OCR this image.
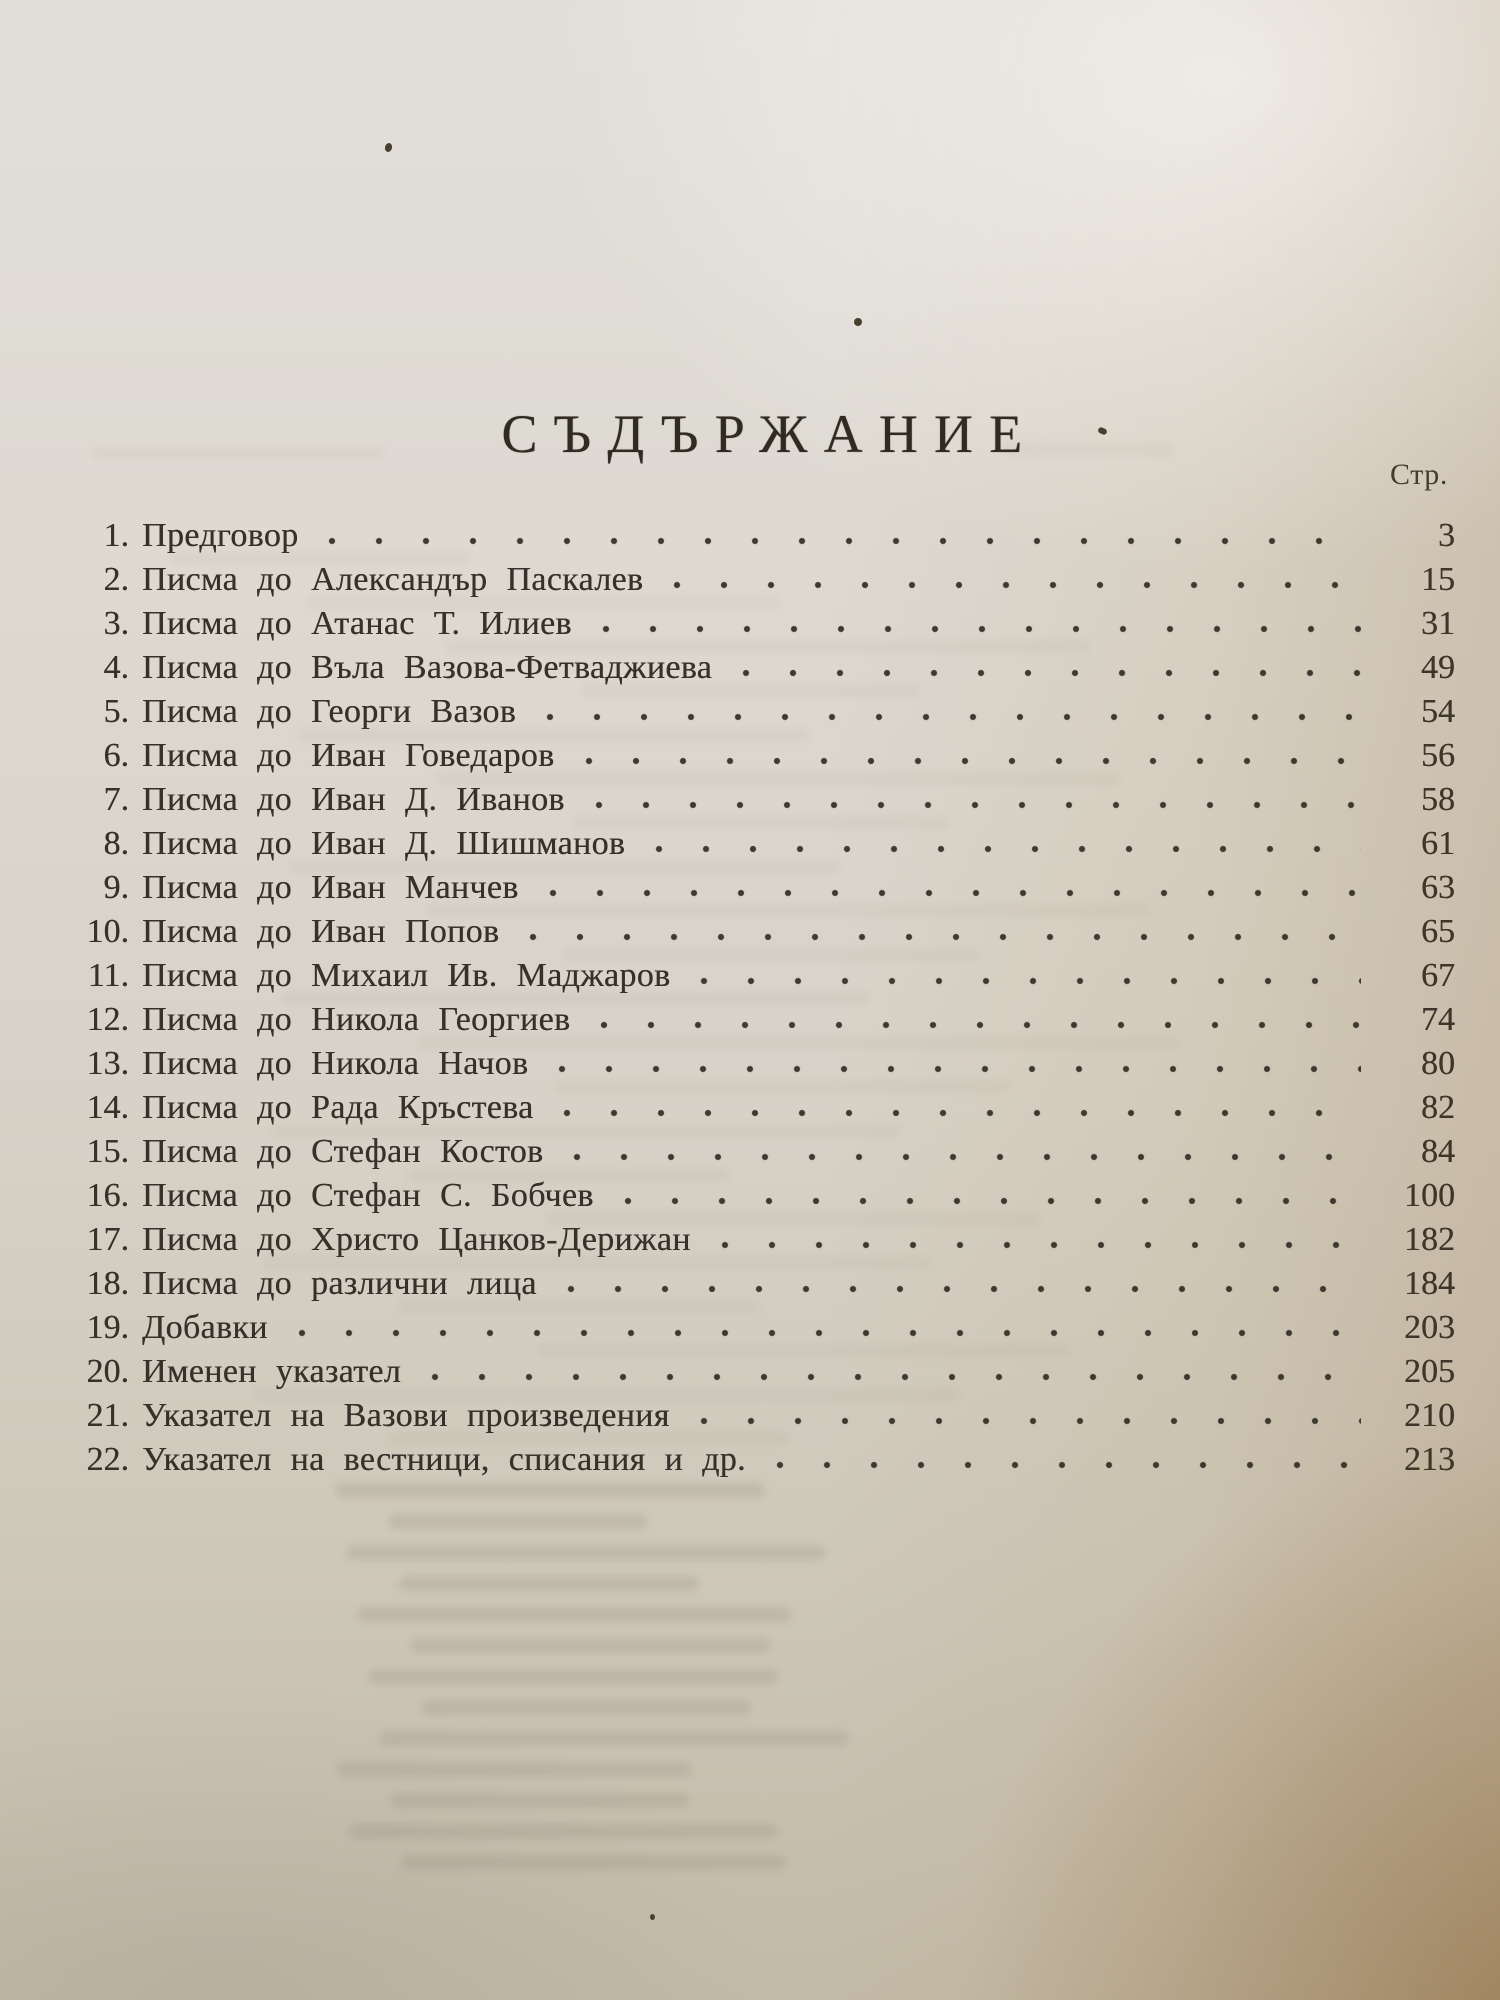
СЪДЪРЖАНИЕ
Стр.
1. Предговор	3
2. Писма до Александър Паскалев	15
3. Писма до Атанас Т. Илиев	31
4. Писма до Въла Вазова-Фетваджиева	49
5. Писма до Георги Вазов	54
6. Писма до Иван Говедаров	56
7. Писма до Иван Д. Иванов	58
8. Писма до Иван Д. Шишманов	61
9. Писма до Иван Манчев	63
10. Писма до Иван Попов	65
11. Писма до Михаил Ив. Маджаров	67
12. Писма до Никола Георгиев	74
13. Писма до Никола Начов	80
14. Писма до Рада Кръстева	82
15. Писма до Стефан Костов	84
16. Писма до Стефан С. Бобчев	100
17. Писма до Христо Цанков-Дерижан	182
18. Писма до различни лица	184
19. Добавки	203
20. Именен указател	205
21. Указател на Вазови произведения	210
22. Указател на вестници, списания и др.	213
